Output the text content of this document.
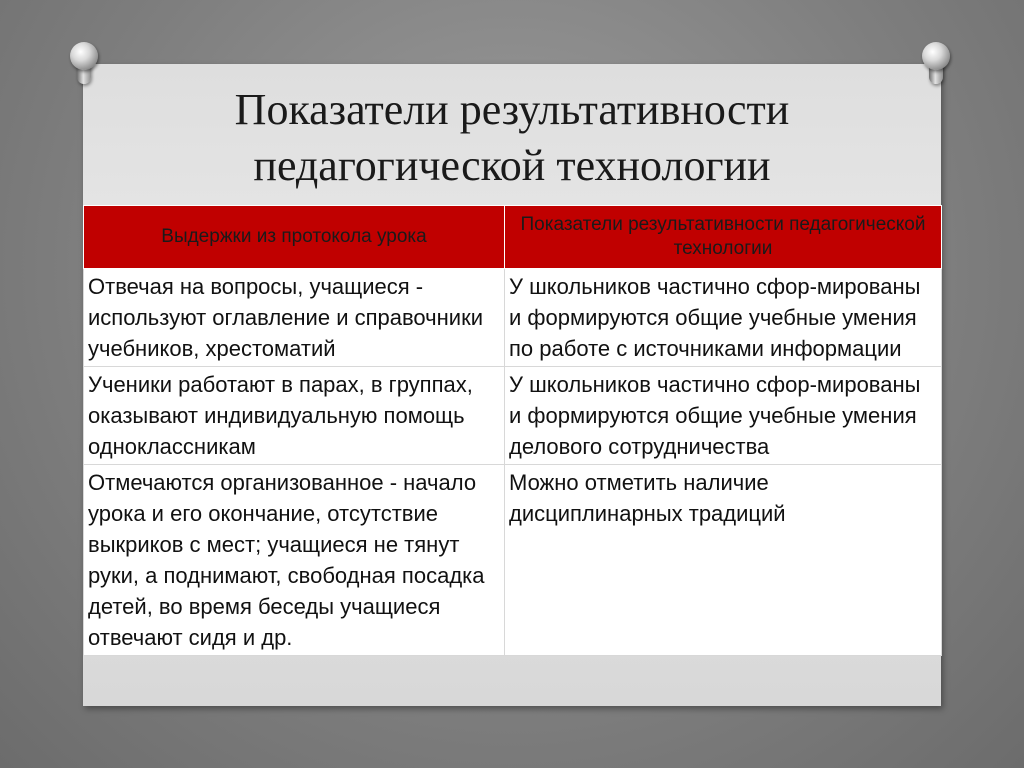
Показатели результативности
педагогической технологии
Выдержки из протокола урока	Показатели результативности педагогической технологии
Отвечая на вопросы, учащиеся - используют оглавление и справочники учебников, хрестоматий	У школьников частично сфор-мированы и формируются общие учебные умения по работе с источниками информации
Ученики работают в парах, в группах, оказывают индивидуальную помощь одноклассникам	У школьников частично сфор-мированы и формируются общие учебные умения делового сотрудничества
Отмечаются организованное - начало урока и его окончание, отсутствие выкриков с мест; учащиеся не тянут руки, а поднимают, свободная посадка детей, во время беседы учащиеся отвечают сидя и др.	Можно отметить наличие дисциплинарных традиций
